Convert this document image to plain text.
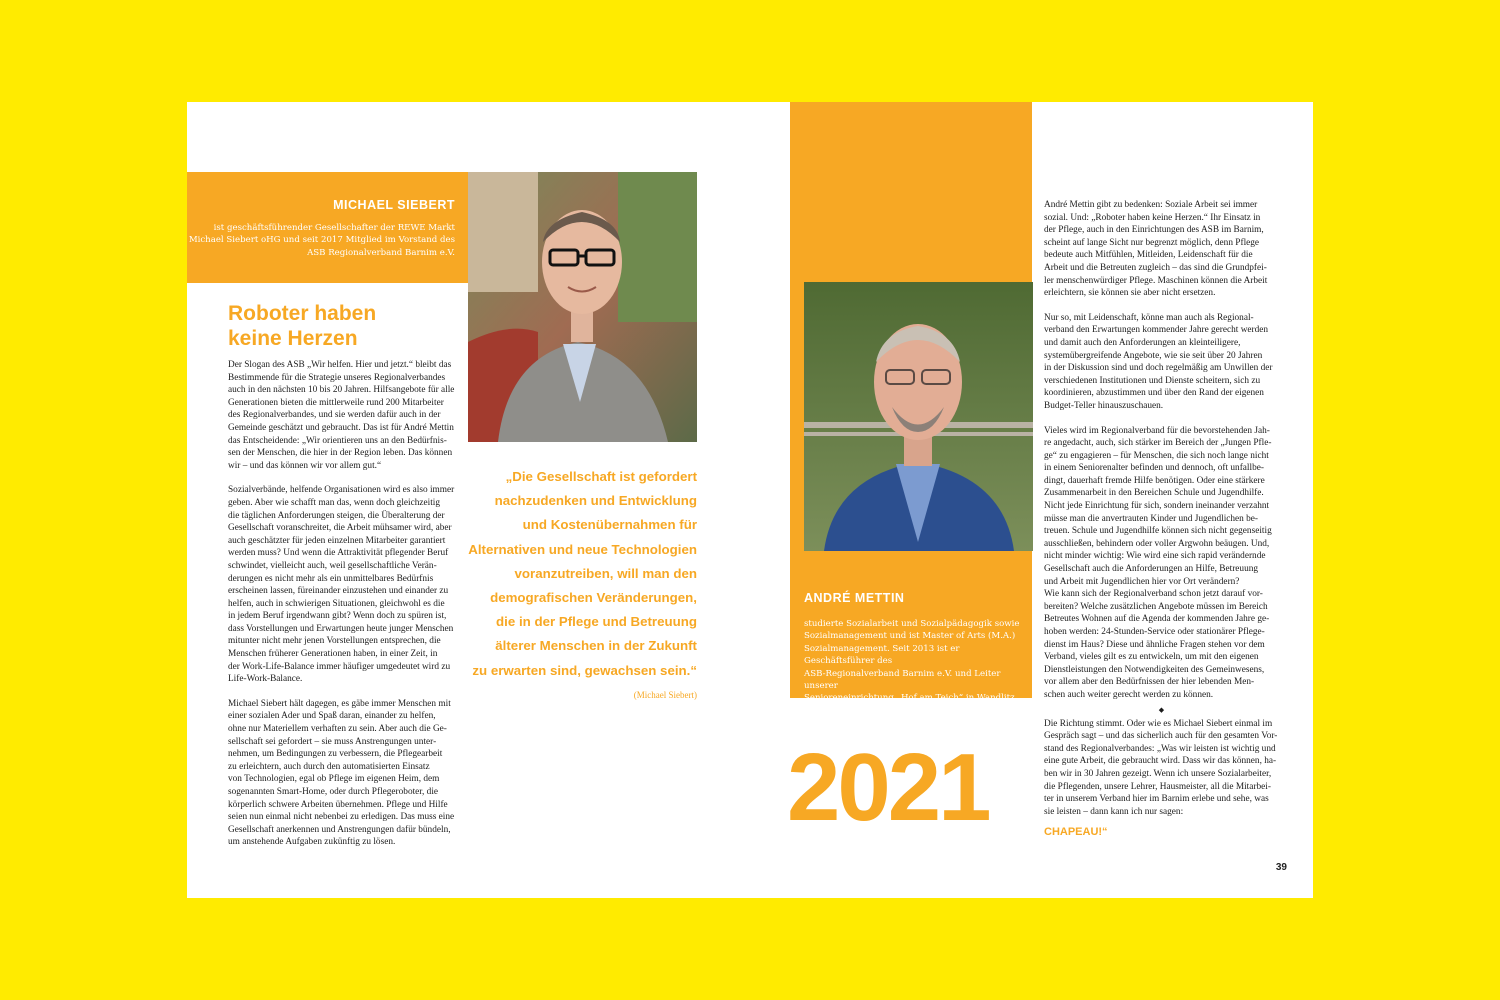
MICHAEL SIEBERT
ist geschäftsführender Gesellschafter der REWE Markt
Michael Siebert oHG und seit 2017 Mitglied im Vorstand des
ASB Regionalverband Barnim e.V.
Roboter haben
keine Herzen

Der Slogan des ASB „Wir helfen. Hier und jetzt.“ bleibt das
Bestimmende für die Strategie unseres Regionalverbandes
auch in den nächsten 10 bis 20 Jahren. Hilfsangebote für alle
Generationen bieten die mittlerweile rund 200 Mitarbeiter
des Regionalverbandes, und sie werden dafür auch in der
Gemeinde geschätzt und gebraucht. Das ist für André Mettin
das Entscheidende: „Wir orientieren uns an den Bedürfnis-
sen der Menschen, die hier in der Region leben. Das können
wir – und das können wir vor allem gut.“

Sozialverbände, helfende Organisationen wird es also immer
geben. Aber wie schafft man das, wenn doch gleichzeitig
die täglichen Anforderungen steigen, die Überalterung der
Gesellschaft voranschreitet, die Arbeit mühsamer wird, aber
auch geschätzter für jeden einzelnen Mitarbeiter garantiert
werden muss? Und wenn die Attraktivität pflegender Beruf
schwindet, vielleicht auch, weil gesellschaftliche Verän-
derungen es nicht mehr als ein unmittelbares Bedürfnis
erscheinen lassen, füreinander einzustehen und einander zu
helfen, auch in schwierigen Situationen, gleichwohl es die
in jedem Beruf irgendwann gibt? Wenn doch zu spüren ist,
dass Vorstellungen und Erwartungen heute junger Menschen
mitunter nicht mehr jenen Vorstellungen entsprechen, die
Menschen früherer Generationen haben, in einer Zeit, in
der Work-Life-Balance immer häufiger umgedeutet wird zu
Life-Work-Balance.

Michael Siebert hält dagegen, es gäbe immer Menschen mit
einer sozialen Ader und Spaß daran, einander zu helfen,
ohne nur Materiellem verhaften zu sein. Aber auch die Ge-
sellschaft sei gefordert – sie muss Anstrengungen unter-
nehmen, um Bedingungen zu verbessern, die Pflegearbeit
zu erleichtern, auch durch den automatisierten Einsatz
von Technologien, egal ob Pflege im eigenen Heim, dem
sogenannten Smart-Home, oder durch Pflegeroboter, die
körperlich schwere Arbeiten übernehmen. Pflege und Hilfe
seien nun einmal nicht nebenbei zu erledigen. Das muss eine
Gesellschaft anerkennen und Anstrengungen dafür bündeln,
um anstehende Aufgaben zukünftig zu lösen.

„Die Gesellschaft ist gefordert
nachzudenken und Entwicklung
und Kostenübernahmen für
Alternativen und neue Technologien
voranzutreiben, will man den
demografischen Veränderungen,
die in der Pflege und Betreuung
älterer Menschen in der Zukunft
zu erwarten sind, gewachsen sein.“
(Michael Siebert)
ANDRÉ METTIN
studierte Sozialarbeit und Sozialpädagogik sowie
Sozialmanagement und ist Master of Arts (M.A.)
Sozialmanagement. Seit 2013 ist er Geschäftsführer des
ASB-Regionalverband Barnim e.V. und Leiter unserer
Senioreneinrichtung „Hof am Teich“ in Wandlitz,
OT Basdorf.
2021

André Mettin gibt zu bedenken: Soziale Arbeit sei immer
sozial. Und: „Roboter haben keine Herzen.“ Ihr Einsatz in
der Pflege, auch in den Einrichtungen des ASB im Barnim,
scheint auf lange Sicht nur begrenzt möglich, denn Pflege
bedeute auch Mitfühlen, Mitleiden, Leidenschaft für die
Arbeit und die Betreuten zugleich – das sind die Grundpfei-
ler menschenwürdiger Pflege. Maschinen können die Arbeit
erleichtern, sie können sie aber nicht ersetzen.

Nur so, mit Leidenschaft, könne man auch als Regional-
verband den Erwartungen kommender Jahre gerecht werden
und damit auch den Anforderungen an kleinteiligere,
systemübergreifende Angebote, wie sie seit über 20 Jahren
in der Diskussion sind und doch regelmäßig am Unwillen der
verschiedenen Institutionen und Dienste scheitern, sich zu
koordinieren, abzustimmen und über den Rand der eigenen
Budget-Teller hinauszuschauen.

Vieles wird im Regionalverband für die bevorstehenden Jah-
re angedacht, auch, sich stärker im Bereich der „Jungen Pfle-
ge“ zu engagieren – für Menschen, die sich noch lange nicht
in einem Seniorenalter befinden und dennoch, oft unfallbe-
dingt, dauerhaft fremde Hilfe benötigen. Oder eine stärkere
Zusammenarbeit in den Bereichen Schule und Jugendhilfe.
Nicht jede Einrichtung für sich, sondern ineinander verzahnt
müsse man die anvertrauten Kinder und Jugendlichen be-
treuen. Schule und Jugendhilfe können sich nicht gegenseitig
ausschließen, behindern oder voller Argwohn beäugen. Und,
nicht minder wichtig: Wie wird eine sich rapid verändernde
Gesellschaft auch die Anforderungen an Hilfe, Betreuung
und Arbeit mit Jugendlichen hier vor Ort verändern?
Wie kann sich der Regionalverband schon jetzt darauf vor-
bereiten? Welche zusätzlichen Angebote müssen im Bereich
Betreutes Wohnen auf die Agenda der kommenden Jahre ge-
hoben werden: 24-Stunden-Service oder stationärer Pflege-
dienst im Haus? Diese und ähnliche Fragen stehen vor dem
Verband, vieles gilt es zu entwickeln, um mit den eigenen
Dienstleistungen den Notwendigkeiten des Gemeinwesens,
vor allem aber den Bedürfnissen der hier lebenden Men-
schen auch weiter gerecht werden zu können.

◆

Die Richtung stimmt. Oder wie es Michael Siebert einmal im
Gespräch sagt – und das sicherlich auch für den gesamten Vor-
stand des Regionalverbandes: „Was wir leisten ist wichtig und
eine gute Arbeit, die gebraucht wird. Dass wir das können, ha-
ben wir in 30 Jahren gezeigt. Wenn ich unsere Sozialarbeiter,
die Pflegenden, unsere Lehrer, Hausmeister, all die Mitarbei-
ter in unserem Verband hier im Barnim erlebe und sehe, was
sie leisten – dann kann ich nur sagen:

CHAPEAU!“
39
